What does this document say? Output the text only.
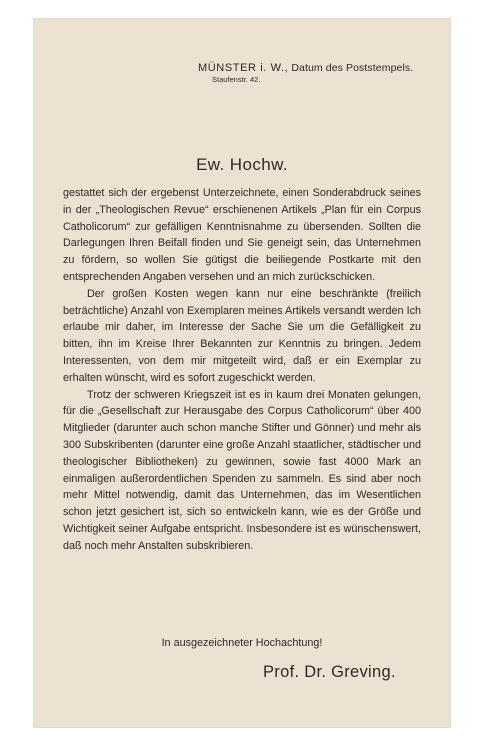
MÜNSTER i. W., Datum des Poststempels.
Staufenstr. 42.
Ew. Hochw.

gestattet sich der ergebenst Unterzeichnete, einen Sonderabdruck seines in der „Theologischen Revue“ erschienenen Artikels „Plan für ein Corpus Catholicorum“ zur gefälligen Kenntnisnahme zu übersenden. Sollten die Darlegungen Ihren Beifall finden und Sie geneigt sein, das Unternehmen zu fördern, so wollen Sie gütigst die beiliegende Postkarte mit den entsprechenden Angaben versehen und an mich zurückschicken.

Der großen Kosten wegen kann nur eine beschränkte (freilich beträchtliche) Anzahl von Exemplaren meines Artikels versandt werden Ich erlaube mir daher, im Interesse der Sache Sie um die Gefälligkeit zu bitten, ihn im Kreise Ihrer Bekannten zur Kenntnis zu bringen. Jedem Interessenten, von dem mir mitgeteilt wird, daß er ein Exemplar zu erhalten wünscht, wird es sofort zugeschickt werden.

Trotz der schweren Kriegszeit ist es in kaum drei Monaten gelungen, für die „Gesellschaft zur Herausgabe des Corpus Catholicorum“ über 400 Mitglieder (darunter auch schon manche Stifter und Gönner) und mehr als 300 Subskribenten (darunter eine große Anzahl staatlicher, städtischer und theologischer Bibliotheken) zu gewinnen, sowie fast 4000 Mark an einmaligen außerordentlichen Spenden zu sammeln. Es sind aber noch mehr Mittel notwendig, damit das Unternehmen, das im Wesentlichen schon jetzt gesichert ist, sich so entwickeln kann, wie es der Größe und Wichtigkeit seiner Aufgabe entspricht. Insbesondere ist es wünschenswert, daß noch mehr Anstalten subskribieren.

In ausgezeichneter Hochachtung!
Prof. Dr. Greving.
